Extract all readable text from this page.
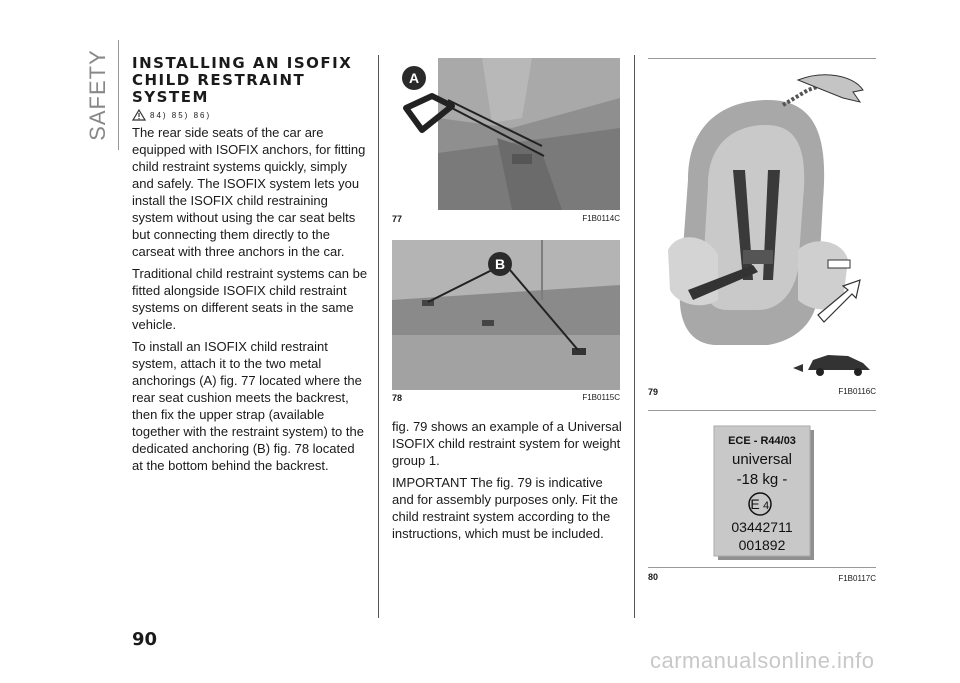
SAFETY INSTALLING AN ISOFIX CHILD RESTRAINT SYSTEM
84) 85) 86)

The rear side seats of the car are equipped with ISOFIX anchors, for fitting child restraint systems quickly, simply and safely. The ISOFIX system lets you install the ISOFIX child restraining system without using the car seat belts but connecting them directly to the carseat with three anchors in the car.

Traditional child restraint systems can be fitted alongside ISOFIX child restraint systems on different seats in the same vehicle.

To install an ISOFIX child restraint system, attach it to the two metal anchorings (A) fig. 77 located where the rear seat cushion meets the backrest, then fix the upper strap (available together with the restraint system) to the dedicated anchoring (B) fig. 78 located at the bottom behind the backrest.

A
77	F1B0114C
B
78	F1B0115C

fig. 79 shows an example of a Universal ISOFIX child restraint system for weight group 1.

IMPORTANT The fig. 79 is indicative and for assembly purposes only. Fit the child restraint system according to the instructions, which must be included.

79	F1B0116C
ECE - R44/03
universal
-18 kg -
E 4
03442711
001892
80	F1B0117C
90
carmanualsonline.info
